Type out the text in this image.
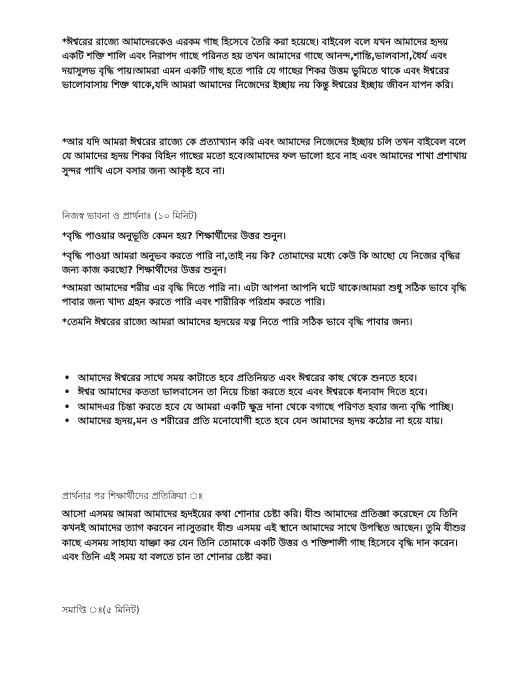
*ঈশ্বরের রাজ্যে আমাদেরকেও এরকম গাছ হিসেবে তৈরি করা হয়েছে। বাইবেল বলে যখন আমাদের হৃদয় একটি শক্তি শালি এবং নিরাপদ গাছে পরিনত হয় তখন আমাদের গাছে আনন্দ,শান্তি,ভালবাসা,ধৈর্য এবং দয়াসুলভ বৃদ্ধি পায়।আমরা এমন একটি গাছ হতে পারি যে গাছের শিকর উত্তম ভুমিতে থাকে এবং ঈশ্বরের ভালোবাসায় শিক্ত থাকে,যদি আমরা আমাদের নিজেদের ইচ্ছায় নয় কিন্তু ঈশ্বরের ইচ্ছায় জীবন যাপন করি।

*আর যদি আমরা ঈশ্বরের রাজ্যে কে প্রত্যাখ্যান করি এবং আমাদের নিজেদের ইচ্ছায় চলি তখন বাইবেল বলে যে আমাদের হৃদয় শিকর বিহিন গাছের মতো হবে।আমাদের ফল ভালো হবে নাহ এবং আমাদের শাখা প্রশাখায় সুন্দর পাখি এসে বসার জন্য আকৃষ্ট হবে না।

নিজস্ব ভাবনা ও প্রার্থনাঃ (১০ মিনিট)

*বৃদ্ধি পাওয়ার অনুভূতি কেমন হয়? শিক্ষার্থীদের উত্তর শুনুন।

*বৃদ্ধি পাওয়া আমরা অনুভব করতে পারি না,তাই নয় কি? তোমাদের মধ্যে কেউ কি আছো যে নিজের বৃদ্ধির জন্য কাজ করছো? শিক্ষার্থীদের উত্তর শুনুন।

*আমরা আমাদের শরীর এর বৃদ্ধি দিতে পারি না। এটা আপনা আপনি ঘটে থাকে।আমরা শুধু সঠিক ভাবে বৃদ্ধি পাবার জন্য খাদ্য গ্রহন করতে পারি এবং শারীরিক পরিশ্রম করতে পারি।

*তেমনি ঈশ্বরের রাজ্যে আমরা আমাদের হৃদয়ের যত্ন নিতে পারি সঠিক ভাবে বৃদ্ধি পাবার জন্য।

• আমাদের ঈশ্বরের সাথে সময় কাটাতে হবে প্রতিনিয়ত এবং ঈশ্বরের কাছ থেকে শুনতে হবে।
• ঈশ্বর আমাদের কততা ভালবাসেন তা নিয়ে চিন্তা করতে হবে এবং ঈশ্বরকে ধন্যবাদ দিতে হবে।
• আমাদএর চিন্তা করতে হবে যে আমরা একটি ক্ষুদ্র দানা থেকে বগাছে পরিণত হবার জন্য বৃদ্ধি পাচ্ছি।
• আমাদের হৃদয়,মন ও শরীরের প্রতি মনোযোগী হতে হবে যেন আমাদের হৃদয় কঠোর না হয়ে যায়।

প্রার্থনার পর শিক্ষার্থীদের প্রতিক্রিয়া ঃ

আসো এসময় আমরা আমাদের হৃদইয়ের কথা শোনার চেষ্টা করি। যীশু আমাদের প্রতিজ্ঞা করেছেন যে তিনি কখনই আমাদের ত্যাগ করবেন না।সুতরাং যীশু এসময় এই স্থানে আমাদের সাথে উপস্থিত আছেন। তুমি যীশুর কাছে এসময় সাহায্য যাচ্ঞা কর যেন তিনি তোমাকে একটি উত্তর ও শক্তিশালী গাছ হিসেবে বৃদ্ধি দান করেন।এবং তিনি এই সময় যা বলতে চান তা শোনার চেষ্টা কর।

সমাপ্তি ঃ(৫ মিনিট)
